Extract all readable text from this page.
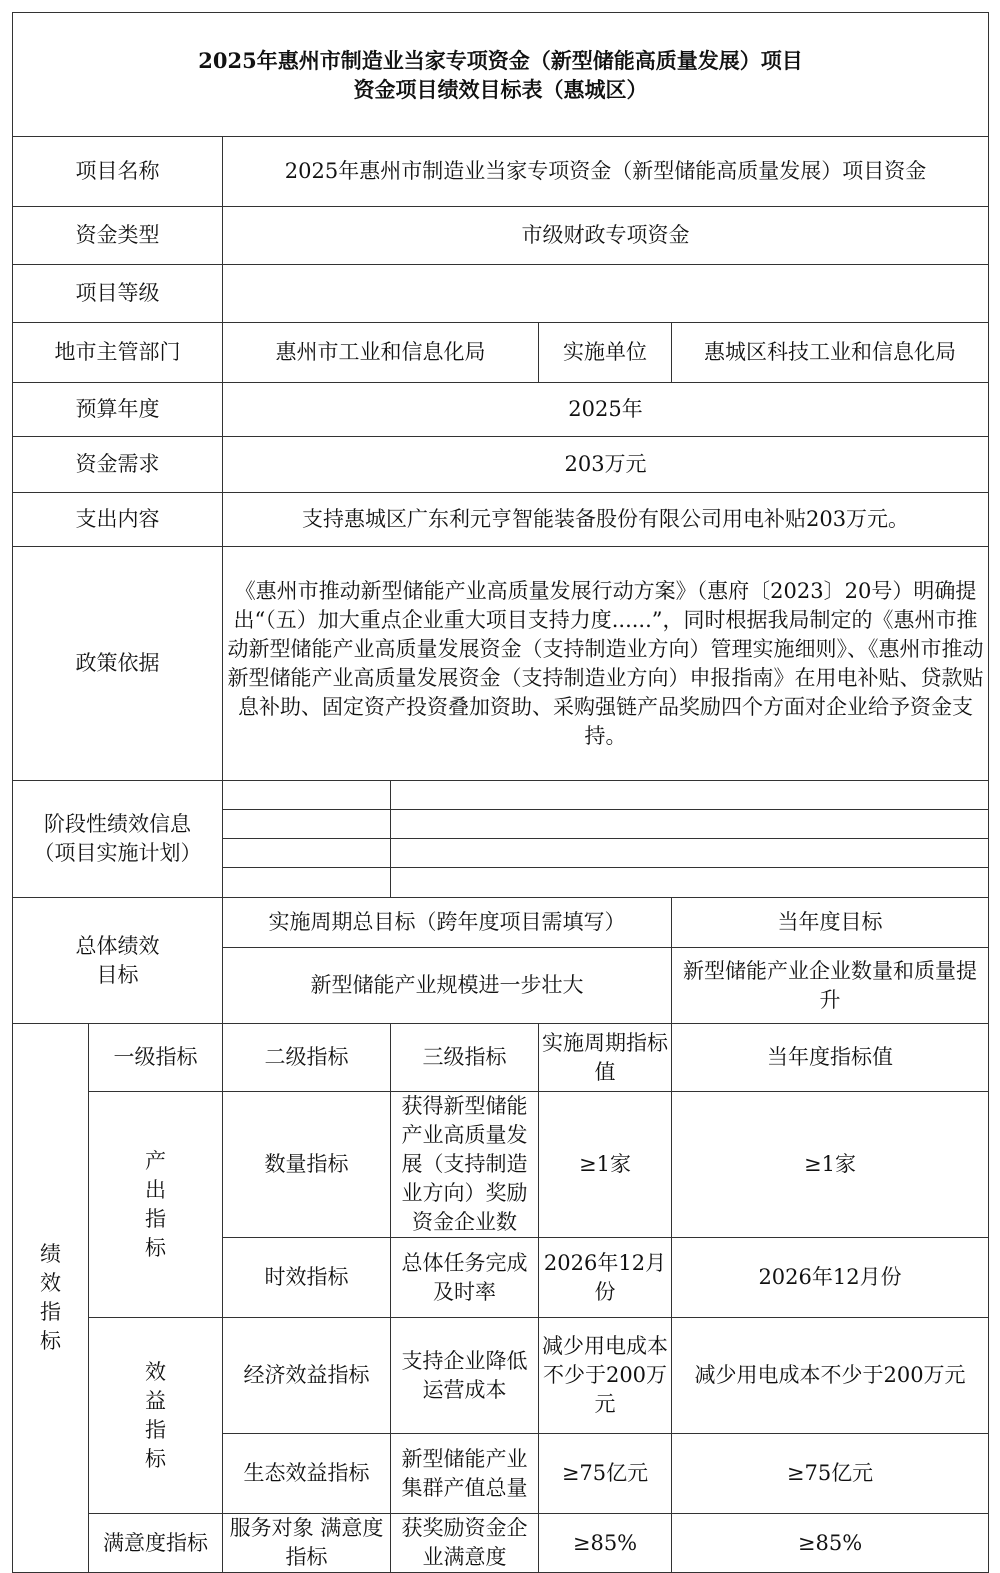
2025年惠州市制造业当家专项资金（新型储能高质量发展）项目
资金项目绩效目标表（惠城区）					

项目名称		2025年惠州市制造业当家专项资金（新型储能高质量发展）项目资金			
资金类型		市级财政专项资金			
项目等级					
地市主管部门		惠州市工业和信息化局		实施单位	惠城区科技工业和信息化局
预算年度		2025年			
资金需求		203万元			
支出内容		支持惠城区广东利元亨智能装备股份有限公司用电补贴203万元。			
政策依据		《惠州市推动新型储能产业高质量发展行动方案》（惠府〔2023〕20号）明确提出“（五）加大重点企业重大项目支持力度......”，同时根据我局制定的《惠州市推动新型储能产业高质量发展资金（支持制造业方向）管理实施细则》、《惠州市推动新型储能产业高质量发展资金（支持制造业方向）申报指南》在用电补贴、贷款贴息补助、固定资产投资叠加资助、采购强链产品奖励四个方面对企业给予资金支持。			

阶段性绩效信息
（项目实施计划）					

总体绩效
目标		实施周期总目标（跨年度项目需填写）			当年度目标
		新型储能产业规模进一步壮大			新型储能产业企业数量和质量提升

绩
效
指
标	一级指标	二级指标	三级指标	实施周期指标值	当年度指标值

	产
出
指
标	数量指标	获得新型储能产业高质量发展（支持制造业方向）奖励资金企业数	≥1家	≥1家
		时效指标	总体任务完成及时率	2026年12月份	2026年12月份

	效
益
指
标	经济效益指标	支持企业降低运营成本	减少用电成本不少于200万元	减少用电成本不少于200万元
		生态效益指标	新型储能产业集群产值总量	≥75亿元	≥75亿元
	满意度指标	服务对象 满意度指标	获奖励资金企业满意度	≥85%	≥85%
